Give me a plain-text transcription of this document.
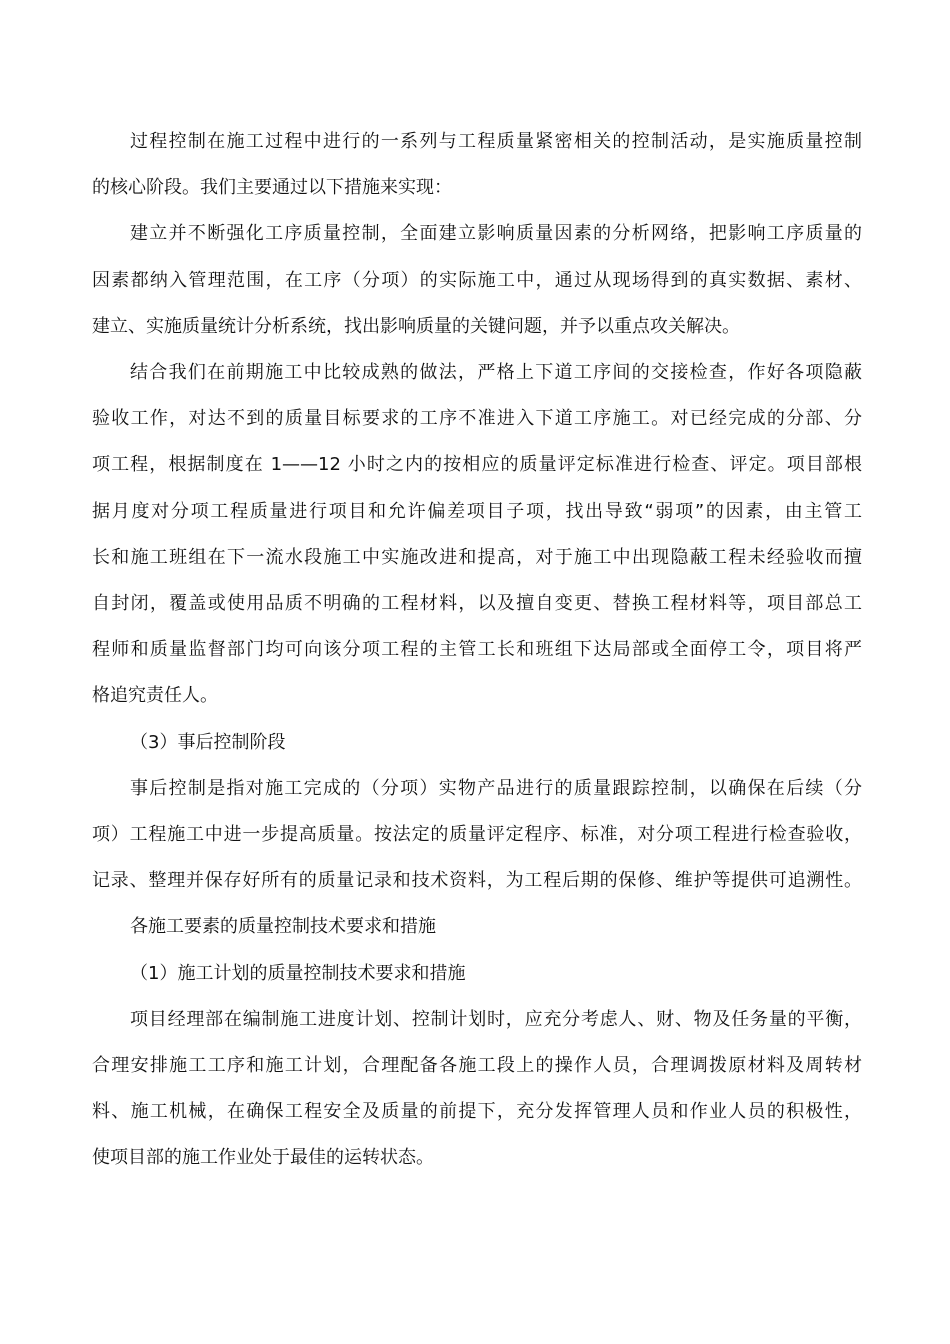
过程控制在施工过程中进行的一系列与工程质量紧密相关的控制活动，是实施质量控制
的核心阶段。我们主要通过以下措施来实现：

建立并不断强化工序质量控制，全面建立影响质量因素的分析网络，把影响工序质量的
因素都纳入管理范围，在工序（分项）的实际施工中，通过从现场得到的真实数据、素材、
建立、实施质量统计分析系统，找出影响质量的关键问题，并予以重点攻关解决。

结合我们在前期施工中比较成熟的做法，严格上下道工序间的交接检查，作好各项隐蔽
验收工作，对达不到的质量目标要求的工序不准进入下道工序施工。对已经完成的分部、分
项工程，根据制度在 1——12 小时之内的按相应的质量评定标准进行检查、评定。项目部根
据月度对分项工程质量进行项目和允许偏差项目子项，找出导致“弱项”的因素，由主管工
长和施工班组在下一流水段施工中实施改进和提高，对于施工中出现隐蔽工程未经验收而擅
自封闭，覆盖或使用品质不明确的工程材料，以及擅自变更、替换工程材料等，项目部总工
程师和质量监督部门均可向该分项工程的主管工长和班组下达局部或全面停工令，项目将严
格追究责任人。

（3）事后控制阶段

事后控制是指对施工完成的（分项）实物产品进行的质量跟踪控制，以确保在后续（分
项）工程施工中进一步提高质量。按法定的质量评定程序、标准，对分项工程进行检查验收，
记录、整理并保存好所有的质量记录和技术资料，为工程后期的保修、维护等提供可追溯性。

各施工要素的质量控制技术要求和措施

（1）施工计划的质量控制技术要求和措施

项目经理部在编制施工进度计划、控制计划时，应充分考虑人、财、物及任务量的平衡，
合理安排施工工序和施工计划，合理配备各施工段上的操作人员，合理调拨原材料及周转材
料、施工机械，在确保工程安全及质量的前提下，充分发挥管理人员和作业人员的积极性，
使项目部的施工作业处于最佳的运转状态。
